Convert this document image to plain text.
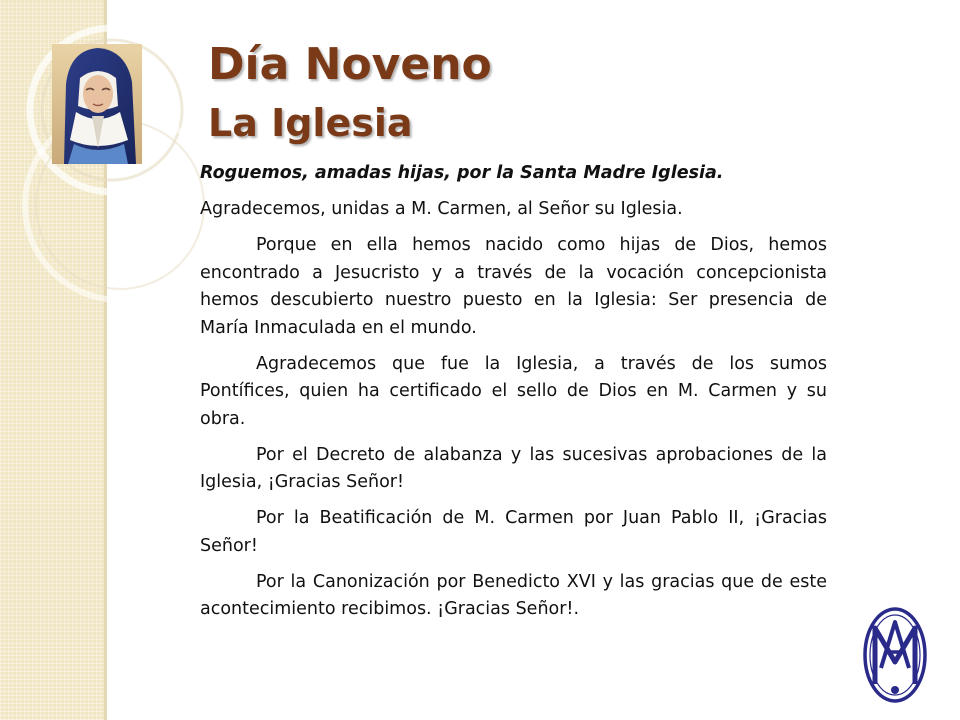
Día Noveno
La Iglesia

Roguemos, amadas hijas, por la Santa Madre Iglesia.

Agradecemos, unidas a M. Carmen, al Señor su Iglesia.

Porque en ella hemos nacido como hijas de Dios, hemos encontrado a Jesucristo y a través de la vocación concepcionista hemos descubierto nuestro puesto en la Iglesia: Ser presencia de María Inmaculada en el mundo.

Agradecemos que fue la Iglesia, a través de los sumos Pontífices, quien ha certificado el sello de Dios en M. Carmen y su obra.

Por el Decreto de alabanza y las sucesivas aprobaciones de la Iglesia, ¡Gracias Señor!

Por la Beatificación de M. Carmen por Juan Pablo II, ¡Gracias Señor!

Por la Canonización por Benedicto XVI y las gracias que de este acontecimiento recibimos. ¡Gracias Señor!.
